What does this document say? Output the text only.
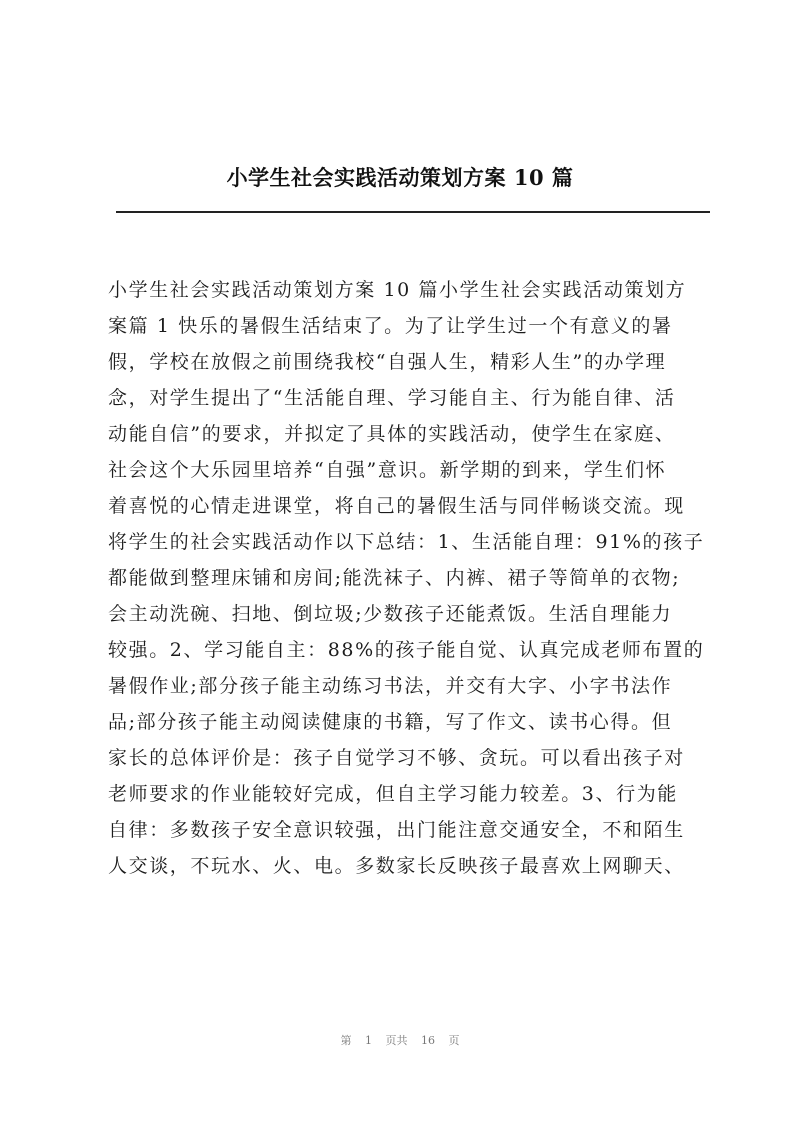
小学生社会实践活动策划方案 10 篇
小学生社会实践活动策划方案 10 篇小学生社会实践活动策划方
案篇 1 快乐的暑假生活结束了。为了让学生过一个有意义的暑
假，学校在放假之前围绕我校“自强人生，精彩人生”的办学理
念，对学生提出了“生活能自理、学习能自主、行为能自律、活
动能自信”的要求，并拟定了具体的实践活动，使学生在家庭、
社会这个大乐园里培养“自强”意识。新学期的到来，学生们怀
着喜悦的心情走进课堂，将自己的暑假生活与同伴畅谈交流。现
将学生的社会实践活动作以下总结：1、生活能自理：91%的孩子
都能做到整理床铺和房间;能洗袜子、内裤、裙子等简单的衣物;
会主动洗碗、扫地、倒垃圾;少数孩子还能煮饭。生活自理能力
较强。2、学习能自主：88%的孩子能自觉、认真完成老师布置的
暑假作业;部分孩子能主动练习书法，并交有大字、小字书法作
品;部分孩子能主动阅读健康的书籍，写了作文、读书心得。但
家长的总体评价是：孩子自觉学习不够、贪玩。可以看出孩子对
老师要求的作业能较好完成，但自主学习能力较差。3、行为能
自律：多数孩子安全意识较强，出门能注意交通安全，不和陌生
人交谈，不玩水、火、电。多数家长反映孩子最喜欢上网聊天、
第 1 页共 16 页
